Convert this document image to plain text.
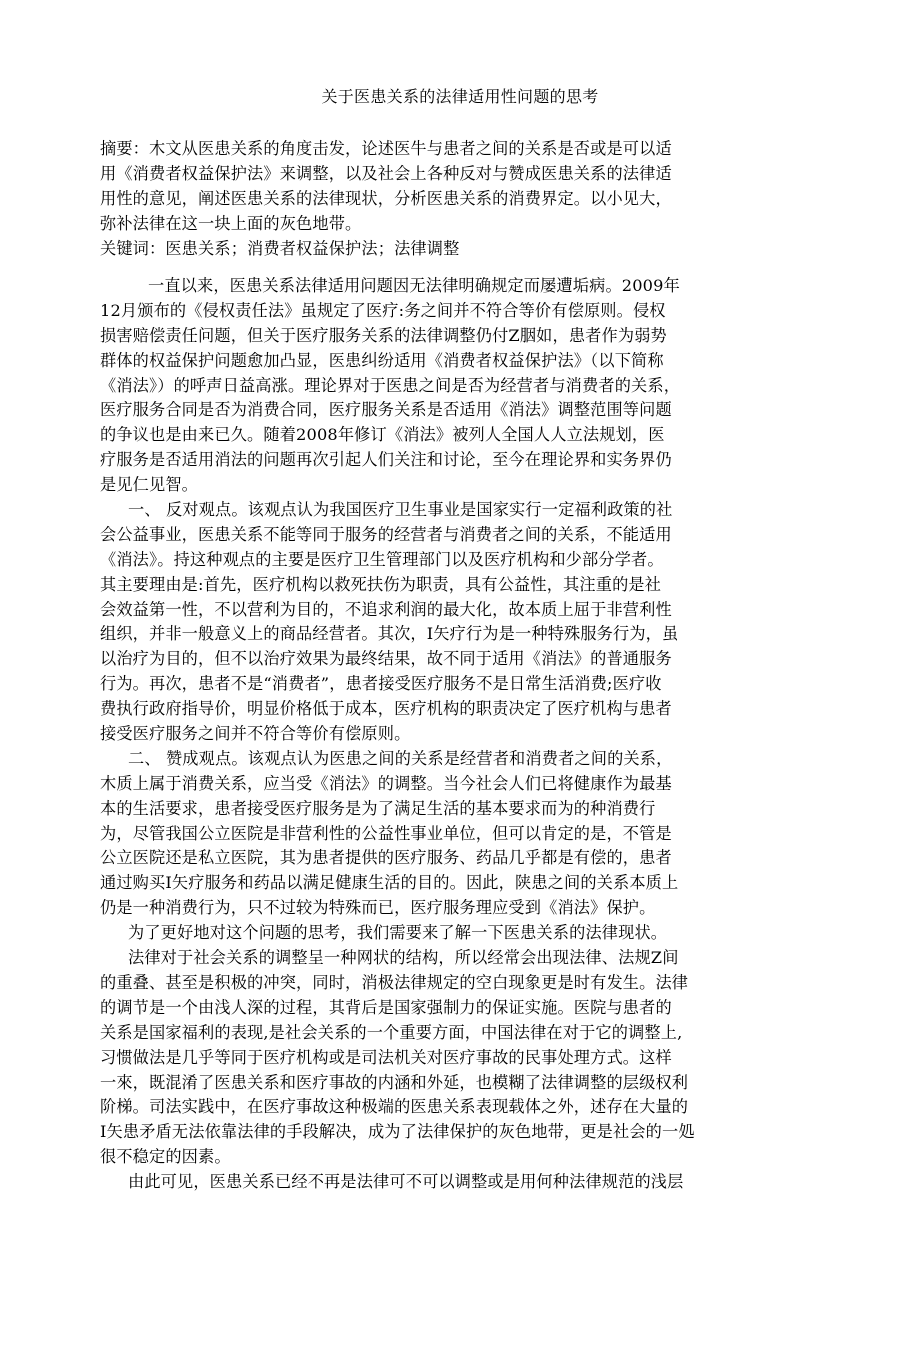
关于医患关系的法律适用性问题的思考
摘要：木文从医患关系的角度击发，论述医牛与患者之间的关系是否或是可以适
用《消费者权益保护法》来调整，以及社会上各种反对与赞成医患关系的法律适
用性的意见，阐述医患关系的法律现状，分析医患关系的消费界定。以小见大，
弥补法律在这一块上面的灰色地带。
关键词：医患关系；消费者权益保护法；法律调整
一直以来，医患关系法律适用问题因无法律明确规定而屡遭垢病。2009年
12月颁布的《侵权责任法》虽规定了医疗:务之间并不符合等价有偿原则。侵权
损害赔偿责任问题，但关于医疗服务关系的法律调整仍付Z胭如，患者作为弱势
群体的权益保护问题愈加凸显，医患纠纷适用《消费者权益保护法》（以下简称
《消法》）的呼声日益高涨。理论界对于医患之间是否为经营者与消费者的关系，
医疗服务合同是否为消费合同，医疗服务关系是否适用《消法》调整范围等问题
的争议也是由来已久。随着2008年修订《消法》被列人全国人人立法规划，医
疗服务是否适用消法的问题再次引起人们关注和讨论，至今在理论界和实务界仍
是见仁见智。
一、 反对观点。该观点认为我国医疗卫生事业是国家实行一定福利政策的社
会公益事业，医患关系不能等同于服务的经营者与消费者之间的关系，不能适用
《消法》。持这种观点的主要是医疗卫生管理部门以及医疗机构和少部分学者。
其主要理由是:首先，医疗机构以救死扶伤为职责，具有公益性，其注重的是社
会效益第一性，不以营利为目的，不追求利润的最大化，故本质上屈于非营利性
组织，并非一般意义上的商品经营者。其次，I矢疗行为是一种特殊服务行为，虽
以治疗为目的，但不以治疗效果为最终结果，故不同于适用《消法》的普通服务
行为。再次，患者不是“消费者”，患者接受医疗服务不是日常生活消费;医疗收
费执行政府指导价，明显价格低于成本，医疗机构的职责决定了医疗机构与患者
接受医疗服务之间并不符合等价有偿原则。
二、 赞成观点。该观点认为医患之间的关系是经营者和消费者之间的关系，
木质上属于消费关系，应当受《消法》的调整。当今社会人们已将健康作为最基
本的生活要求，患者接受医疗服务是为了满足生活的基本要求而为的种消费行
为，尽管我国公立医院是非营利性的公益性事业单位，但可以肯定的是，不管是
公立医院还是私立医院，其为患者提供的医疗服务、药品几乎都是有偿的，患者
通过购买I矢疗服务和药品以满足健康生活的目的。因此，陕患之间的关系本质上
仍是一种消费行为，只不过较为特殊而已，医疗服务理应受到《消法》保护。
为了更好地对这个问题的思考，我们需要来了解一下医患关系的法律现状。
法律对于社会关系的调整呈一种网状的结构，所以经常会出现法律、法规Z间
的重叠、甚至是积极的冲突，同时，消极法律规定的空白现象更是时有发生。法律
的调节是一个由浅人深的过程，其背后是国家强制力的保证实施。医院与患者的
关系是国家福利的表现,是社会关系的一个重要方面，中国法律在对于它的调整上,
习惯做法是几乎等同于医疗机构或是司法机关对医疗事故的民事处理方式。这样
一來，既混淆了医患关系和医疗事故的内涵和外延，也模糊了法律调整的层级权利
阶梯。司法实践中，在医疗事故这种极端的医患关系表现载体之外，述存在大量的
I矢患矛盾无法依靠法律的手段解决，成为了法律保护的灰色地带，更是社会的一処
很不稳定的因素。
由此可见，医患关系已经不再是法律可不可以调整或是用何种法律规范的浅层
